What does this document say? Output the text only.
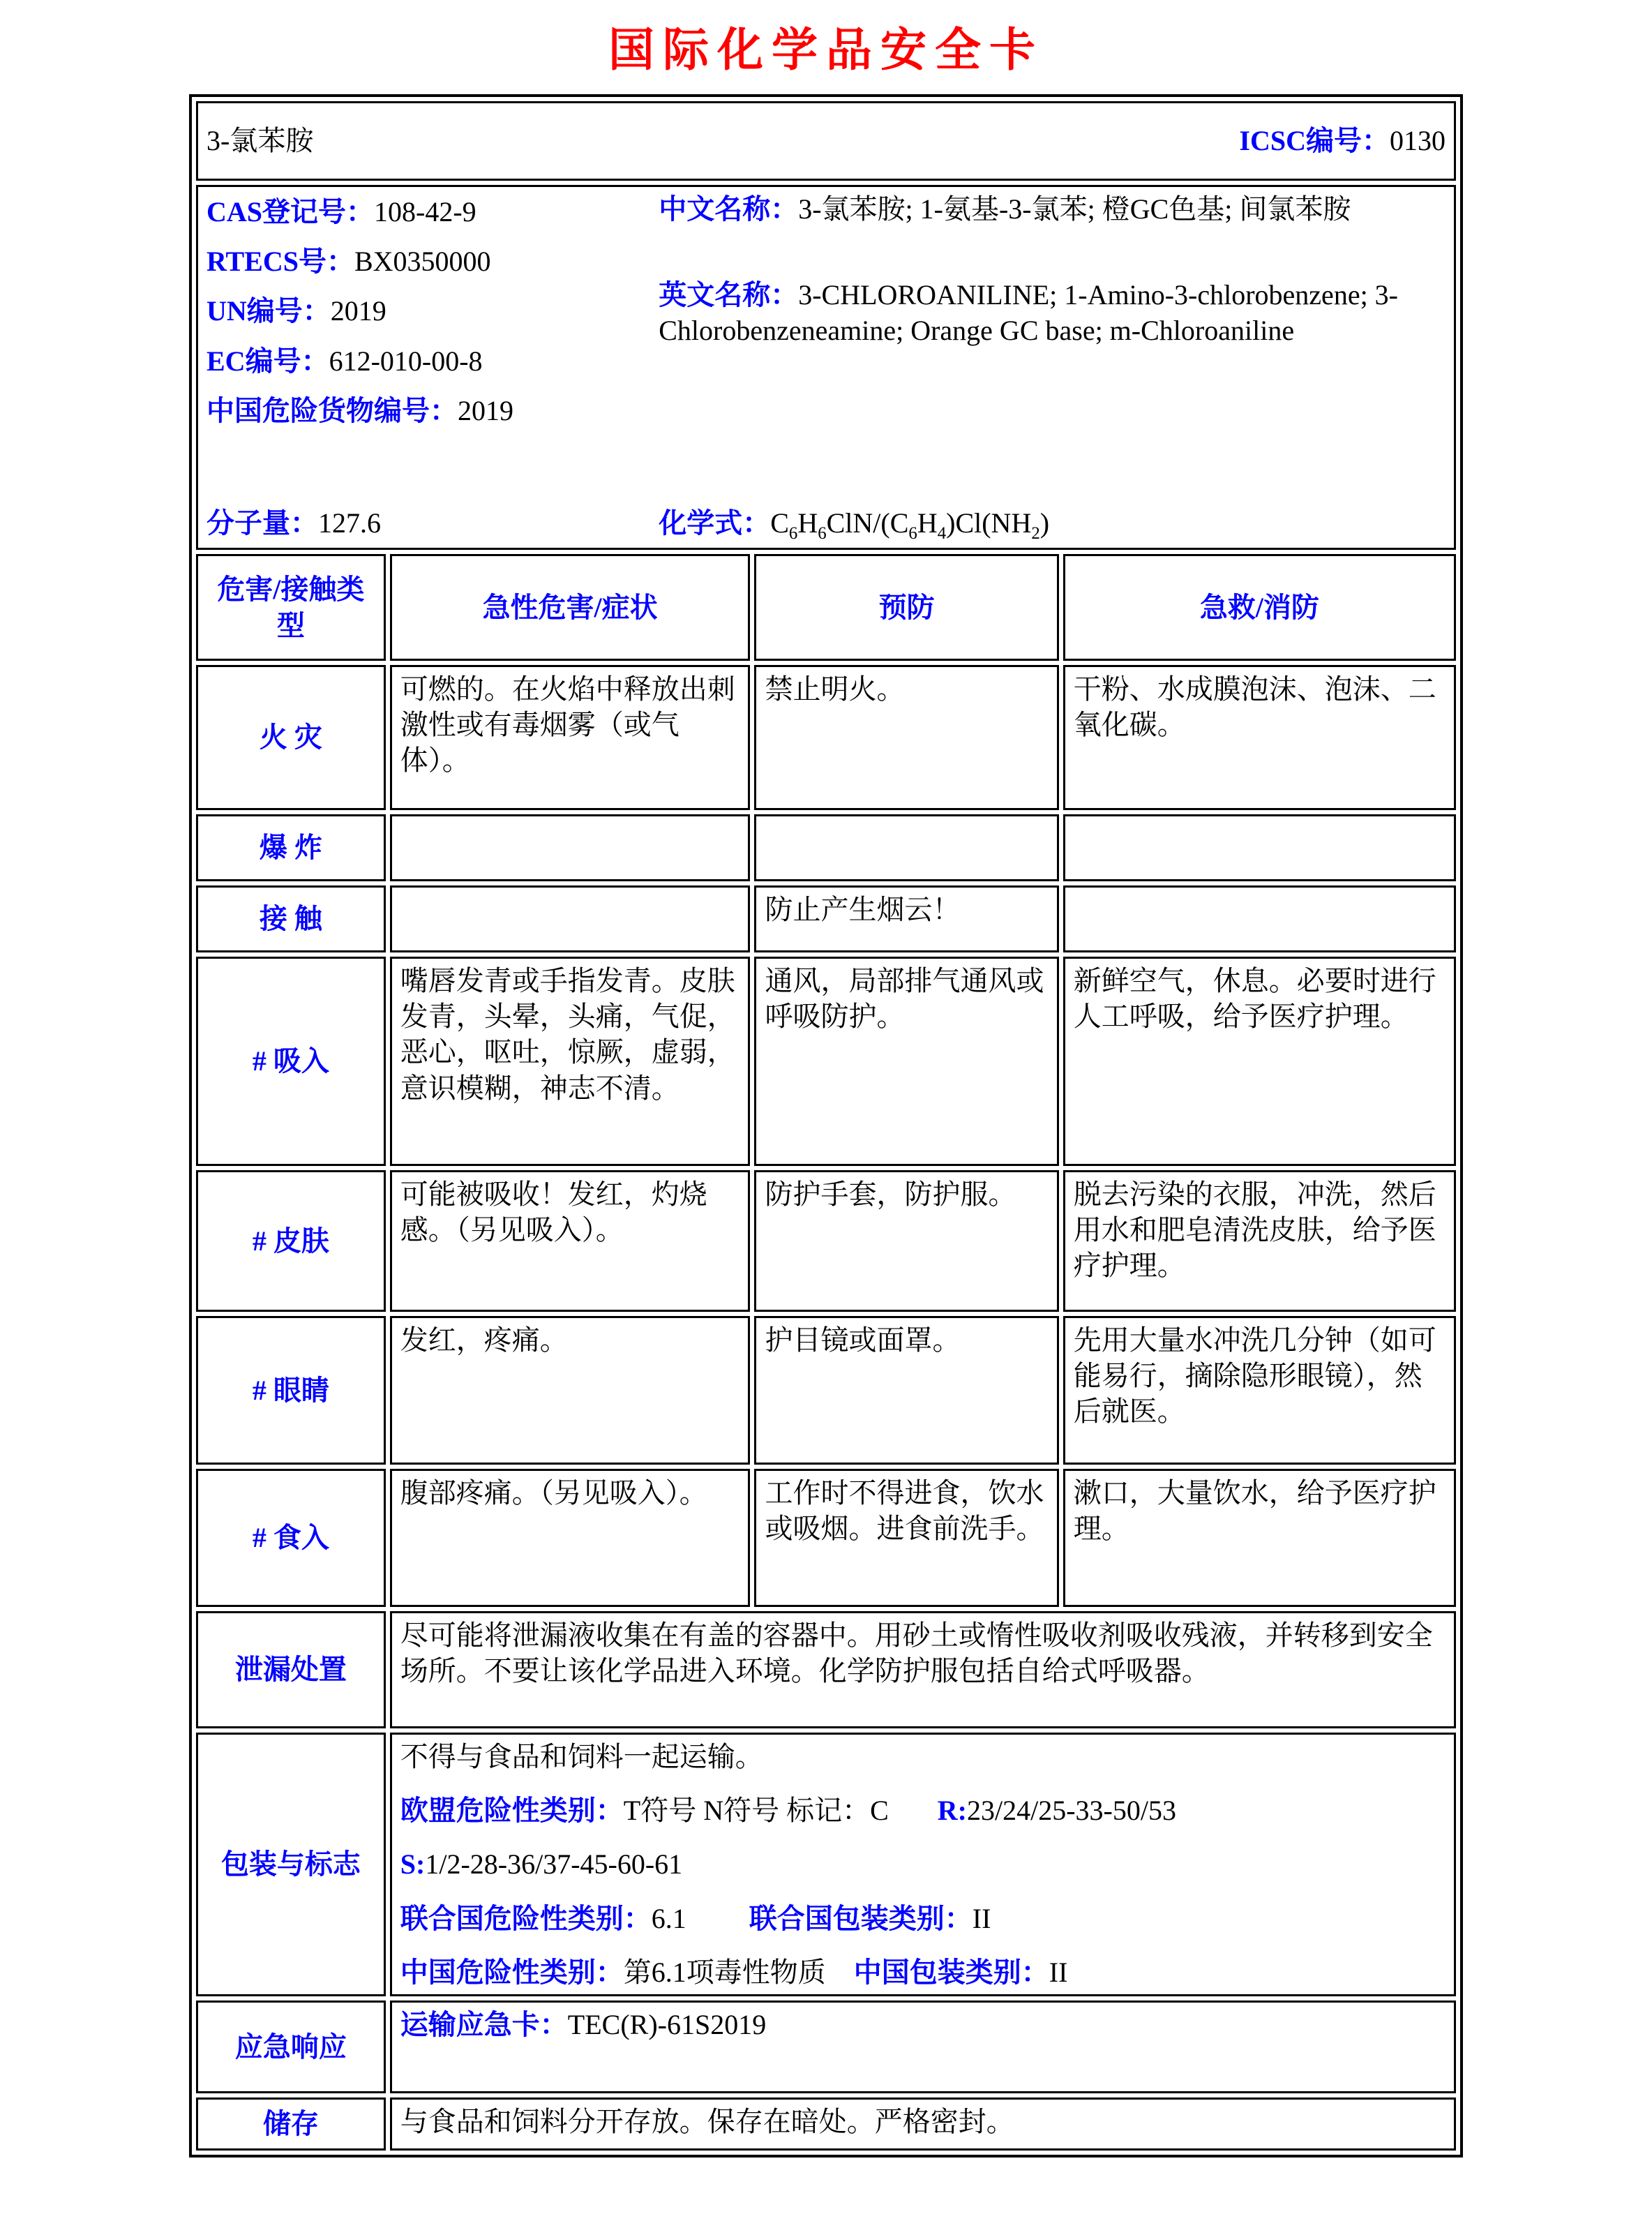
国际化学品安全卡
3-氯苯胺 ICSC编号：0130			

CAS登记号：108-42-9
RTECS号：BX0350000
UN编号：2019
EC编号：612-010-00-8
中国危险货物编号：2019

中文名称：3-氯苯胺; 1-氨基-3-氯苯; 橙GC色基; 间氯苯胺

英文名称：3-CHLOROANILINE; 1-Amino-3-chlorobenzene; 3-Chlorobenzeneamine; Orange GC base; m-Chloroaniline

分子量：127.6	化学式：$C_6H_6ClN/(C_6H_4)Cl(NH_2)$

危害/接触类型	急性危害/症状	预防	急救/消防
火 灾	可燃的。在火焰中释放出刺激性或有毒烟雾（或气体）。	禁止明火。	干粉、水成膜泡沫、泡沫、二氧化碳。
爆 炸			
接 触		防止产生烟云！	
# 吸入	嘴唇发青或手指发青。皮肤发青，头晕，头痛，气促，恶心，呕吐，惊厥，虚弱，意识模糊，神志不清。	通风，局部排气通风或呼吸防护。	新鲜空气，休息。必要时进行人工呼吸，给予医疗护理。
# 皮肤	可能被吸收！发红，灼烧感。（另见吸入）。	防护手套，防护服。	脱去污染的衣服，冲洗，然后用水和肥皂清洗皮肤，给予医疗护理。
# 眼睛	发红，疼痛。	护目镜或面罩。	先用大量水冲洗几分钟（如可能易行，摘除隐形眼镜），然后就医。
# 食入	腹部疼痛。（另见吸入）。	工作时不得进食，饮水或吸烟。进食前洗手。	漱口，大量饮水，给予医疗护理。
泄漏处置	尽可能将泄漏液收集在有盖的容器中。用砂土或惰性吸收剂吸收残液，并转移到安全场所。不要让该化学品进入环境。化学防护服包括自给式呼吸器。		
包装与标志	不得与食品和饲料一起运输。

欧盟危险性类别：T符号 N符号 标记：C R:23/24/25-33-50/53

S:1/2-28-36/37-45-60-61

联合国危险性类别：6.1 联合国包装类别：II

中国危险性类别：第6.1项毒性物质 中国包装类别：II		

应急响应	运输应急卡：TEC(R)-61S2019		
储存	与食品和饲料分开存放。保存在暗处。严格密封。		
